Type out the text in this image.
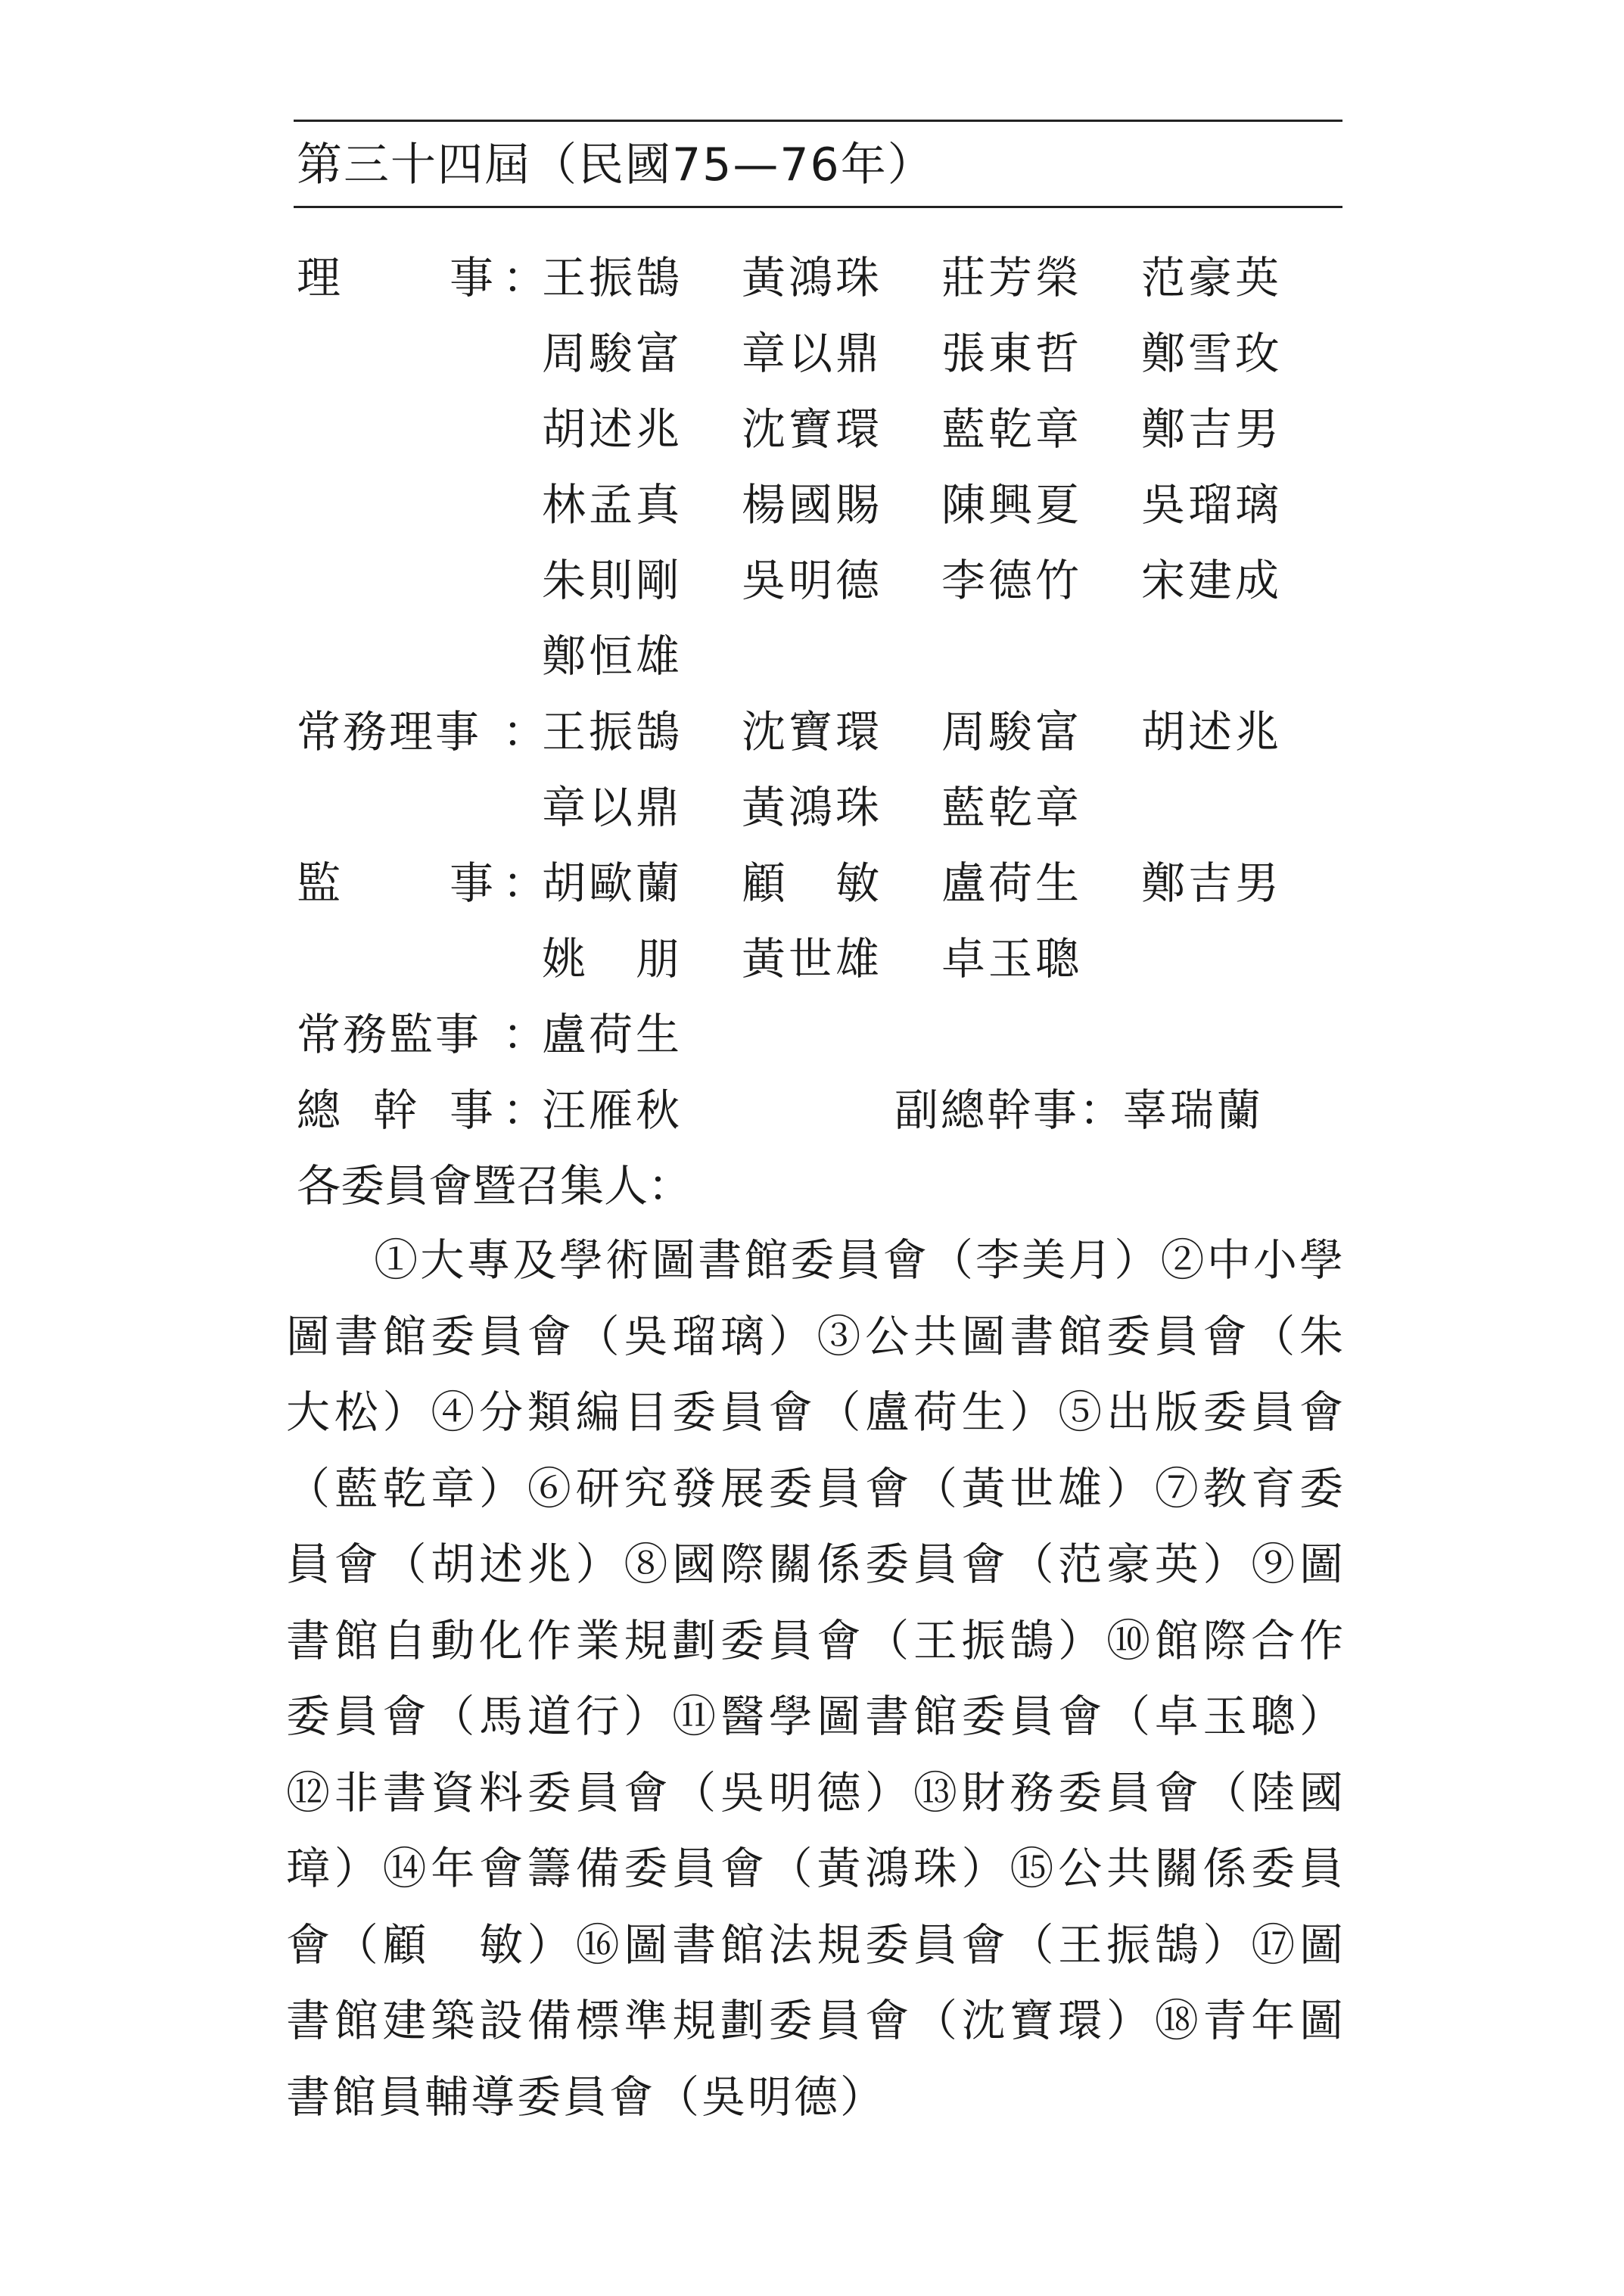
第三十四屆（民國75—76年）
理 事 ：
王振鵠 黃鴻珠 莊芳榮 范豪英
周駿富 章以鼎 張東哲 鄭雪玫
胡述兆 沈寶環 藍乾章 鄭吉男
林孟真 楊國賜 陳興夏 吳瑠璃
朱則剛 吳明德 李德竹 宋建成
鄭恒雄
常務理事 ：
王振鵠 沈寶環 周駿富 胡述兆
章以鼎 黃鴻珠 藍乾章
監 事 ：
胡歐蘭 顧　敏 盧荷生 鄭吉男
姚　朋 黃世雄 卓玉聰
常務監事 ：
盧荷生
總 幹 事 ：
汪雁秋	副總幹事：辜瑞蘭
各委員會暨召集人：
①大專及學術圖書館委員會（李美月）②中小學圖書館委員會（吳瑠璃）③公共圖書館委員會（朱大松）④分類編目委員會（盧荷生）⑤出版委員會（藍乾章）⑥研究發展委員會（黃世雄）⑦教育委員會（胡述兆）⑧國際關係委員會（范豪英）⑨圖書館自動化作業規劃委員會（王振鵠）⑩館際合作委員會（馬道行）⑪醫學圖書館委員會（卓玉聰）⑫非書資料委員會（吳明德）⑬財務委員會（陸國璋）⑭年會籌備委員會（黃鴻珠）⑮公共關係委員會（顧　敏）⑯圖書館法規委員會（王振鵠）⑰圖書館建築設備標準規劃委員會（沈寶環）⑱青年圖書館員輔導委員會（吳明德）
